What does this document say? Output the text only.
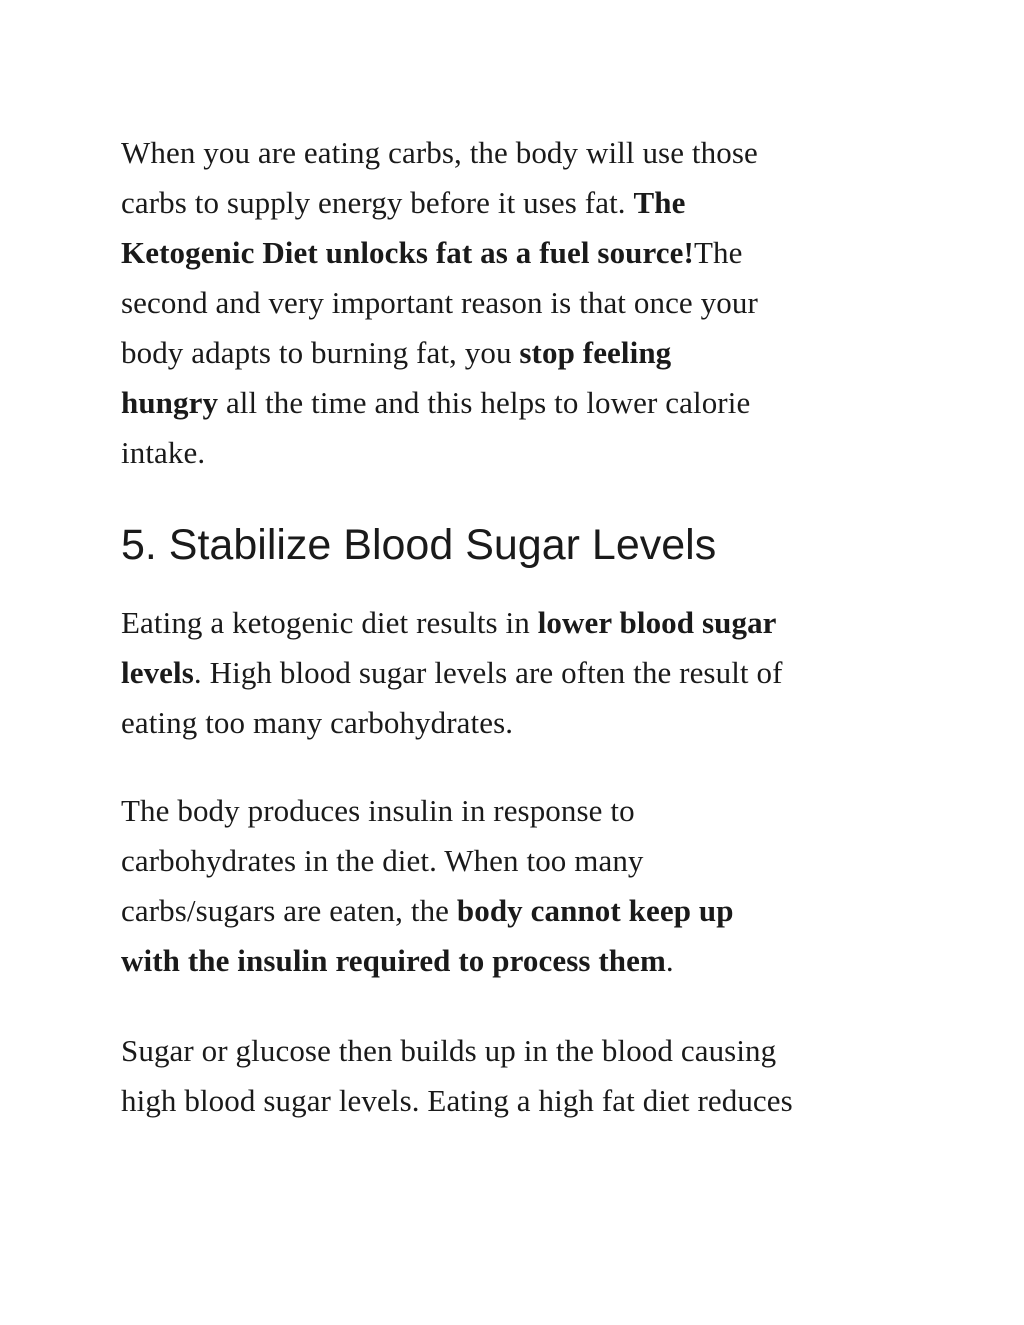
When you are eating carbs, the body will use those
carbs to supply energy before it uses fat. The
Ketogenic Diet unlocks fat as a fuel source!The
second and very important reason is that once your
body adapts to burning fat, you stop feeling
hungry all the time and this helps to lower calorie
intake.

5. Stabilize Blood Sugar Levels

Eating a ketogenic diet results in lower blood sugar
levels. High blood sugar levels are often the result of
eating too many carbohydrates.

The body produces insulin in response to
carbohydrates in the diet. When too many
carbs/sugars are eaten, the body cannot keep up
with the insulin required to process them.

Sugar or glucose then builds up in the blood causing
high blood sugar levels. Eating a high fat diet reduces
